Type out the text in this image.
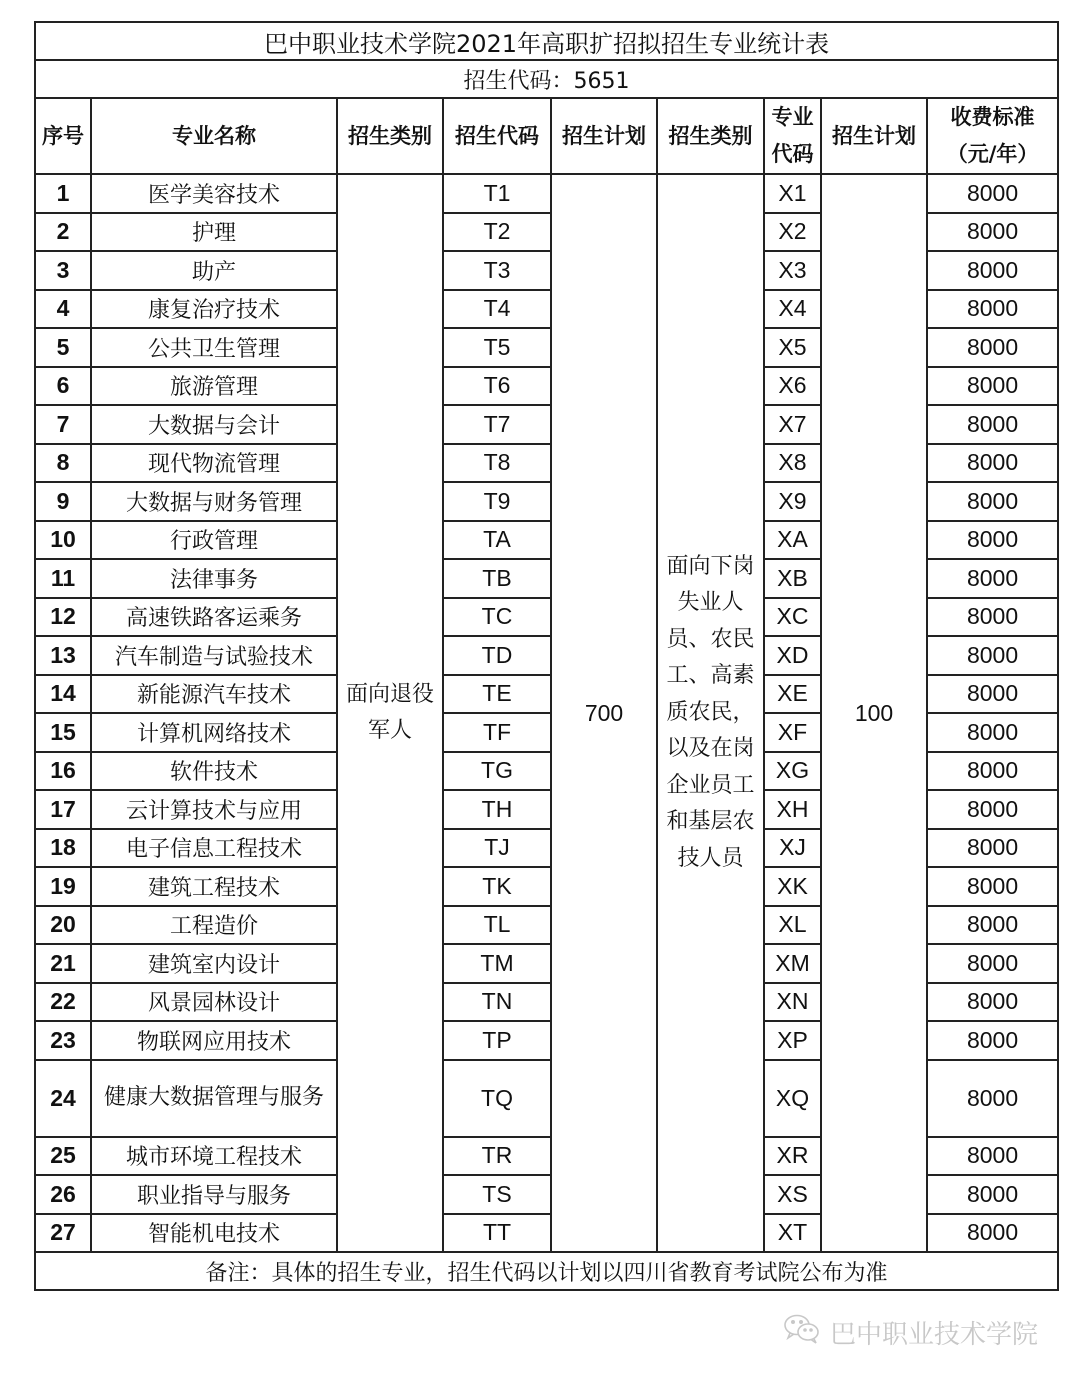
巴中职业技术学院2021年高职扩招拟招生专业统计表								
招生代码：5651								
序号	专业名称	招生类别	招生代码	招生计划	招生类别	专业代码	招生计划	收费标准（元/年）
1	医学美容技术	面向退役军人	T1	700	面向下岗失业人员、农民工、高素质农民，以及在岗企业员工和基层农技人员	X1	100	8000
2	护理		T2			X2		8000
3	助产		T3			X3		8000
4	康复治疗技术		T4			X4		8000
5	公共卫生管理		T5			X5		8000
6	旅游管理		T6			X6		8000
7	大数据与会计		T7			X7		8000
8	现代物流管理		T8			X8		8000
9	大数据与财务管理		T9			X9		8000
10	行政管理		TA			XA		8000
11	法律事务		TB			XB		8000
12	高速铁路客运乘务		TC			XC		8000
13	汽车制造与试验技术		TD			XD		8000
14	新能源汽车技术		TE			XE		8000
15	计算机网络技术		TF			XF		8000
16	软件技术		TG			XG		8000
17	云计算技术与应用		TH			XH		8000
18	电子信息工程技术		TJ			XJ		8000
19	建筑工程技术		TK			XK		8000
20	工程造价		TL			XL		8000
21	建筑室内设计		TM			XM		8000
22	风景园林设计		TN			XN		8000
23	物联网应用技术		TP			XP		8000
24	健康大数据管理与服务		TQ			XQ		8000
25	城市环境工程技术		TR			XR		8000
26	职业指导与服务		TS			XS		8000
27	智能机电技术		TT			XT		8000
备注：具体的招生专业，招生代码以计划以四川省教育考试院公布为准								
巴中职业技术学院
